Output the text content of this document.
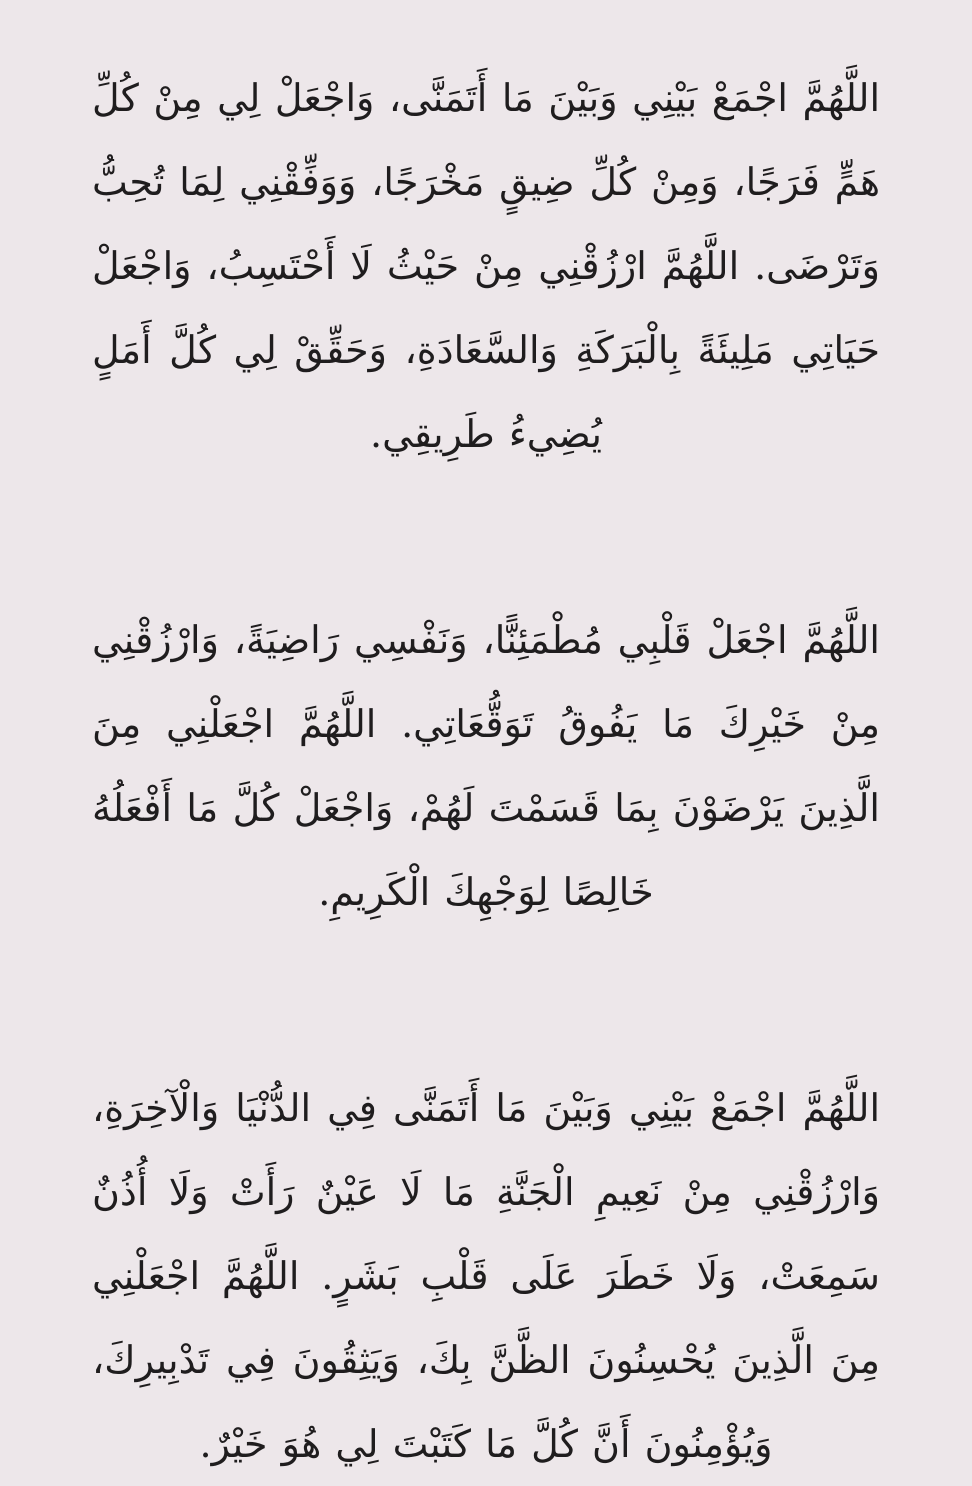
اللَّهُمَّ اجْمَعْ بَيْنِي وَبَيْنَ مَا أَتَمَنَّى، وَاجْعَلْ لِي مِنْ كُلِّ هَمٍّ فَرَجًا، وَمِنْ كُلِّ ضِيقٍ مَخْرَجًا، وَوَفِّقْنِي لِمَا تُحِبُّ وَتَرْضَى. اللَّهُمَّ ارْزُقْنِي مِنْ حَيْثُ لَا أَحْتَسِبُ، وَاجْعَلْ حَيَاتِي مَلِيئَةً بِالْبَرَكَةِ وَالسَّعَادَةِ، وَحَقِّقْ لِي كُلَّ أَمَلٍ يُضِيءُ طَرِيقِي.

اللَّهُمَّ اجْعَلْ قَلْبِي مُطْمَئِنًّا، وَنَفْسِي رَاضِيَةً، وَارْزُقْنِي مِنْ خَيْرِكَ مَا يَفُوقُ تَوَقُّعَاتِي. اللَّهُمَّ اجْعَلْنِي مِنَ الَّذِينَ يَرْضَوْنَ بِمَا قَسَمْتَ لَهُمْ، وَاجْعَلْ كُلَّ مَا أَفْعَلُهُ خَالِصًا لِوَجْهِكَ الْكَرِيمِ.

اللَّهُمَّ اجْمَعْ بَيْنِي وَبَيْنَ مَا أَتَمَنَّى فِي الدُّنْيَا وَالْآخِرَةِ، وَارْزُقْنِي مِنْ نَعِيمِ الْجَنَّةِ مَا لَا عَيْنٌ رَأَتْ وَلَا أُذُنٌ سَمِعَتْ، وَلَا خَطَرَ عَلَى قَلْبِ بَشَرٍ. اللَّهُمَّ اجْعَلْنِي مِنَ الَّذِينَ يُحْسِنُونَ الظَّنَّ بِكَ، وَيَثِقُونَ فِي تَدْبِيرِكَ، وَيُؤْمِنُونَ أَنَّ كُلَّ مَا كَتَبْتَ لِي هُوَ خَيْرٌ.
